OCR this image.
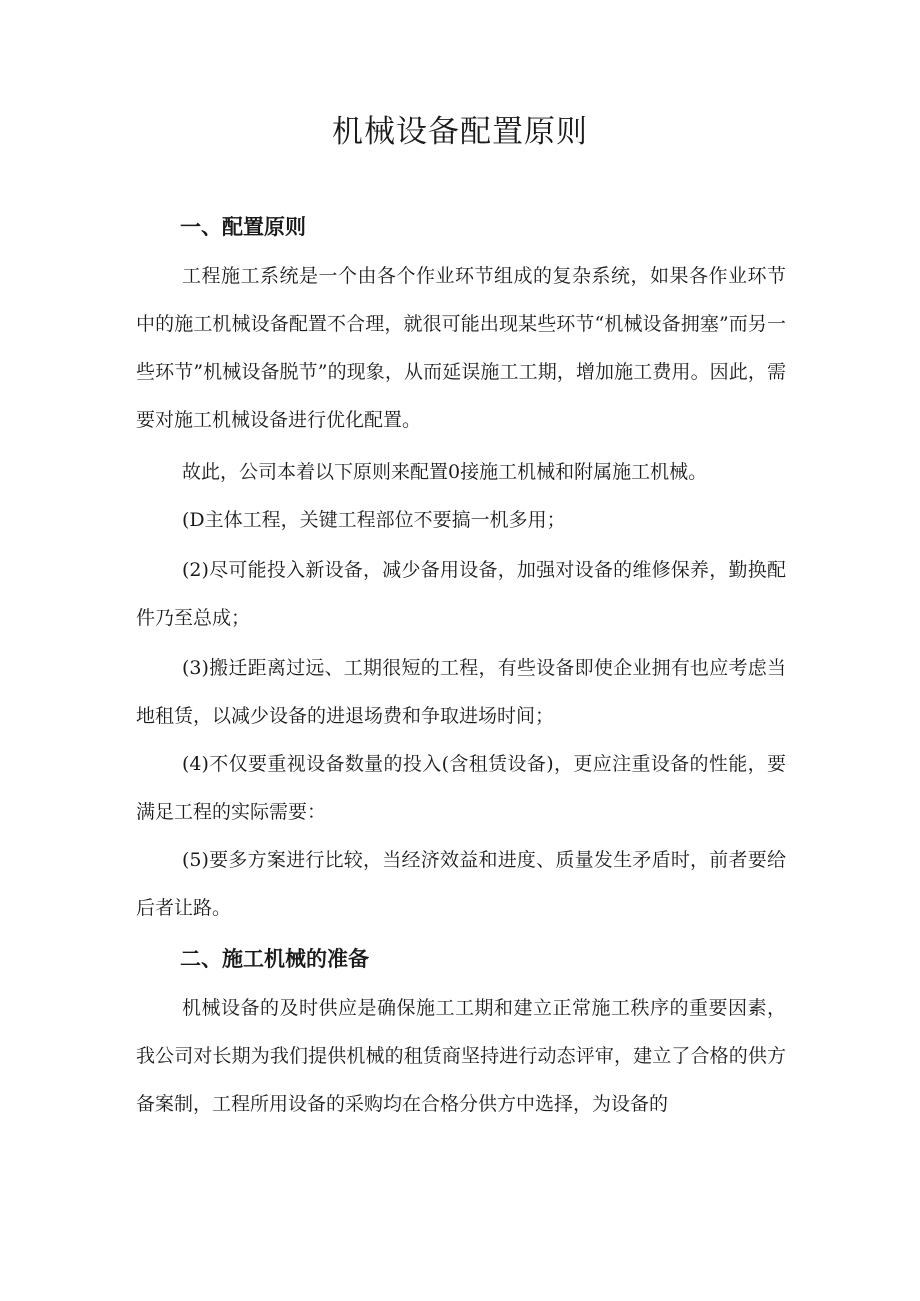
机械设备配置原则
一、配置原则

工程施工系统是一个由各个作业环节组成的复杂系统，如果各作业环节中的施工机械设备配置不合理，就很可能出现某些环节“机械设备拥塞”而另一些环节”机械设备脱节”的现象，从而延误施工工期，增加施工费用。因此，需要对施工机械设备进行优化配置。

故此，公司本着以下原则来配置0接施工机械和附属施工机械。

(D主体工程，关键工程部位不要搞一机多用；

(2)尽可能投入新设备，减少备用设备，加强对设备的维修保养，勤换配件乃至总成；

(3)搬迁距离过远、工期很短的工程，有些设备即使企业拥有也应考虑当地租赁，以减少设备的进退场费和争取进场时间；

(4)不仅要重视设备数量的投入(含租赁设备)，更应注重设备的性能，要满足工程的实际需要：

(5)要多方案进行比较，当经济效益和进度、质量发生矛盾时，前者要给后者让路。

二、施工机械的准备

机械设备的及时供应是确保施工工期和建立正常施工秩序的重要因素，我公司对长期为我们提供机械的租赁商坚持进行动态评审，建立了合格的供方备案制，工程所用设备的采购均在合格分供方中选择，为设备的
